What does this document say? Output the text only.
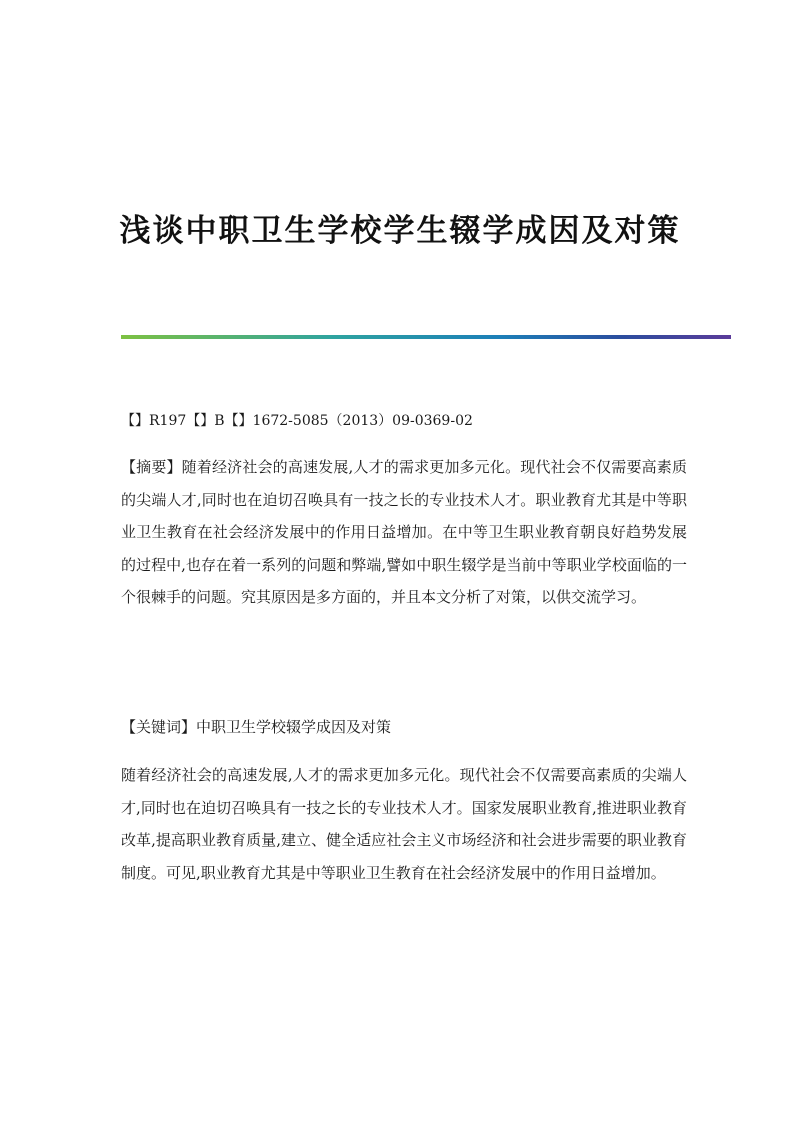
浅谈中职卫生学校学生辍学成因及对策
【】R197【】B【】1672-5085（2013）09-0369-02

【摘要】随着经济社会的高速发展,人才的需求更加多元化。现代社会不仅需要高素质的尖端人才,同时也在迫切召唤具有一技之长的专业技术人才。职业教育尤其是中等职业卫生教育在社会经济发展中的作用日益增加。在中等卫生职业教育朝良好趋势发展的过程中,也存在着一系列的问题和弊端,譬如中职生辍学是当前中等职业学校面临的一个很棘手的问题。究其原因是多方面的，并且本文分析了对策，以供交流学习。

【关键词】中职卫生学校辍学成因及对策

随着经济社会的高速发展,人才的需求更加多元化。现代社会不仅需要高素质的尖端人才,同时也在迫切召唤具有一技之长的专业技术人才。国家发展职业教育,推进职业教育改革,提高职业教育质量,建立、健全适应社会主义市场经济和社会进步需要的职业教育制度。可见,职业教育尤其是中等职业卫生教育在社会经济发展中的作用日益增加。
